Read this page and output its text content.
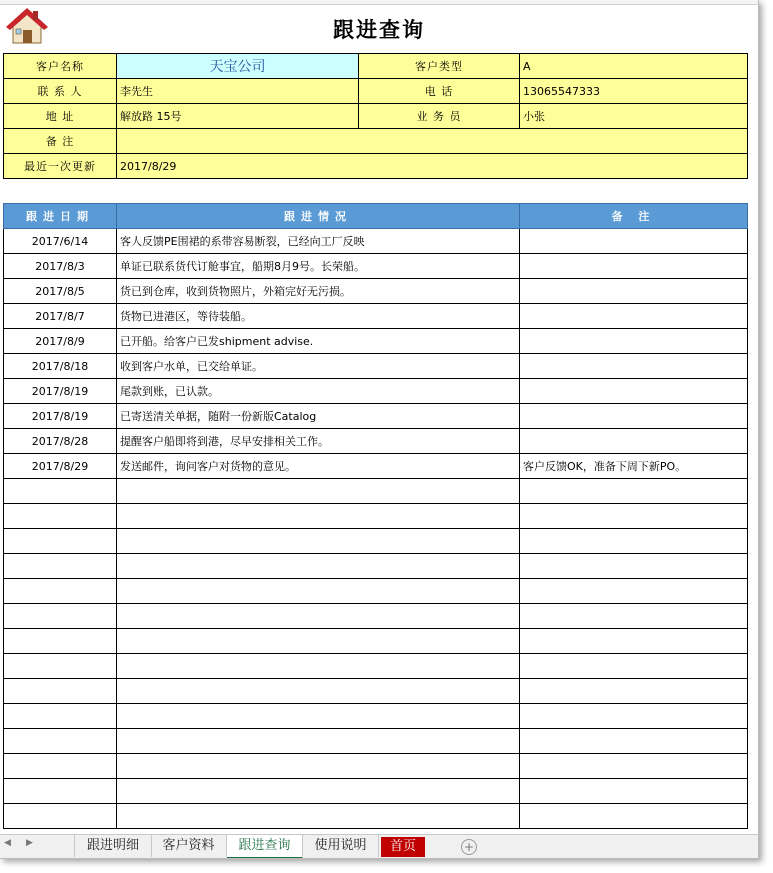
跟进查询
客户名称	天宝公司	客户类型	A
联 系 人	李先生	电 话	13065547333
地 址	解放路 15号	业 务 员	小张
备 注			
最近一次更新	2017/8/29		
跟进日期	跟进情况	备 注
2017/6/14	客人反馈PE围裙的系带容易断裂，已经向工厂反映	
2017/8/3	单证已联系货代订舱事宜，船期8月9号。长荣船。	
2017/8/5	货已到仓库，收到货物照片，外箱完好无污损。	
2017/8/7	货物已进港区，等待装船。	
2017/8/9	已开船。给客户已发shipment advise.	
2017/8/18	收到客户水单，已交给单证。	
2017/8/19	尾款到账，已认款。	
2017/8/19	已寄送清关单据，随附一份新版Catalog	
2017/8/28	提醒客户船即将到港，尽早安排相关工作。	
2017/8/29	发送邮件，询问客户对货物的意见。	客户反馈OK，准备下周下新PO。

◀ ▶	跟进明细	客户资料	跟进查询	使用说明	首页	+
